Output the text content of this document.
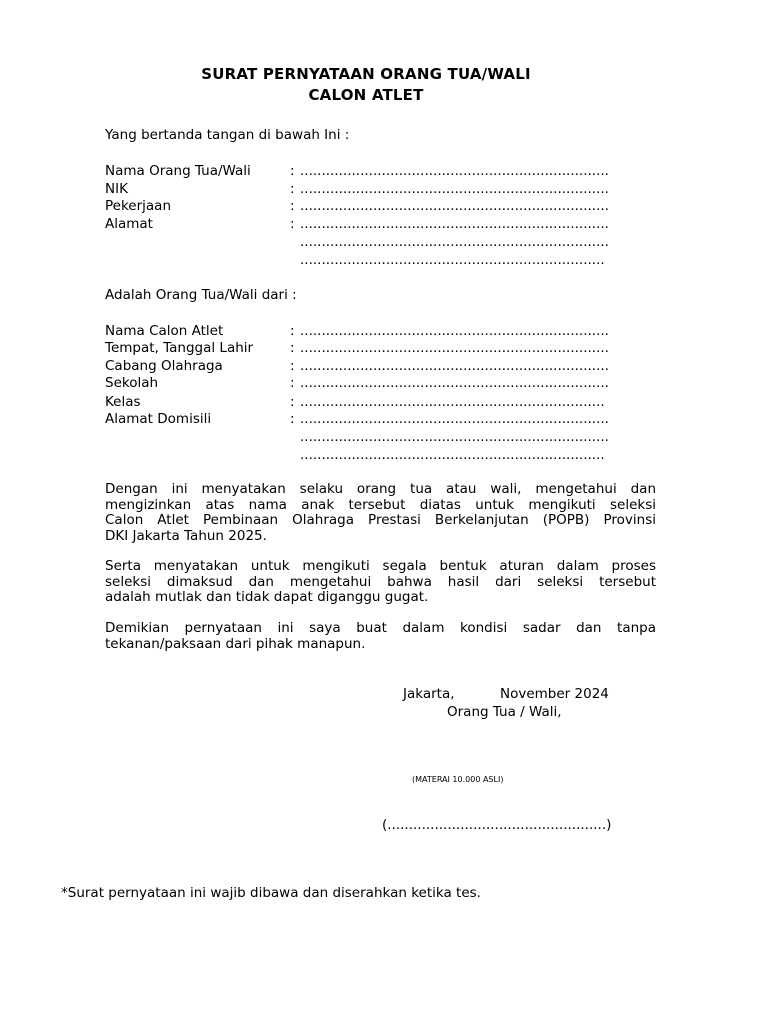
SURAT PERNYATAAN ORANG TUA/WALI
CALON ATLET
Yang bertanda tangan di bawah Ini :
Nama Orang Tua/Wali	: ........................................................................
NIK	: ........................................................................
Pekerjaan	: ........................................................................
Alamat	: ........................................................................
........................................................................
.......................................................................
Adalah Orang Tua/Wali dari :
Nama Calon Atlet	: ........................................................................
Tempat, Tanggal Lahir	: ........................................................................
Cabang Olahraga	: ........................................................................
Sekolah	: ........................................................................
Kelas	: .......................................................................
Alamat Domisili	: ........................................................................
........................................................................
.......................................................................
Dengan ini menyatakan selaku orang tua atau wali, mengetahui dan
mengizinkan atas nama anak tersebut diatas untuk mengikuti seleksi
Calon Atlet Pembinaan Olahraga Prestasi Berkelanjutan (POPB) Provinsi
DKI Jakarta Tahun 2025.
Serta menyatakan untuk mengikuti segala bentuk aturan dalam proses
seleksi dimaksud dan mengetahui bahwa hasil dari seleksi tersebut
adalah mutlak dan tidak dapat diganggu gugat.
Demikian pernyataan ini saya buat dalam kondisi sadar dan tanpa
tekanan/paksaan dari pihak manapun.
Jakarta,	November 2024
Orang Tua / Wali,
(MATERAI 10.000 ASLI)
(...................................................)
*Surat pernyataan ini wajib dibawa dan diserahkan ketika tes.
